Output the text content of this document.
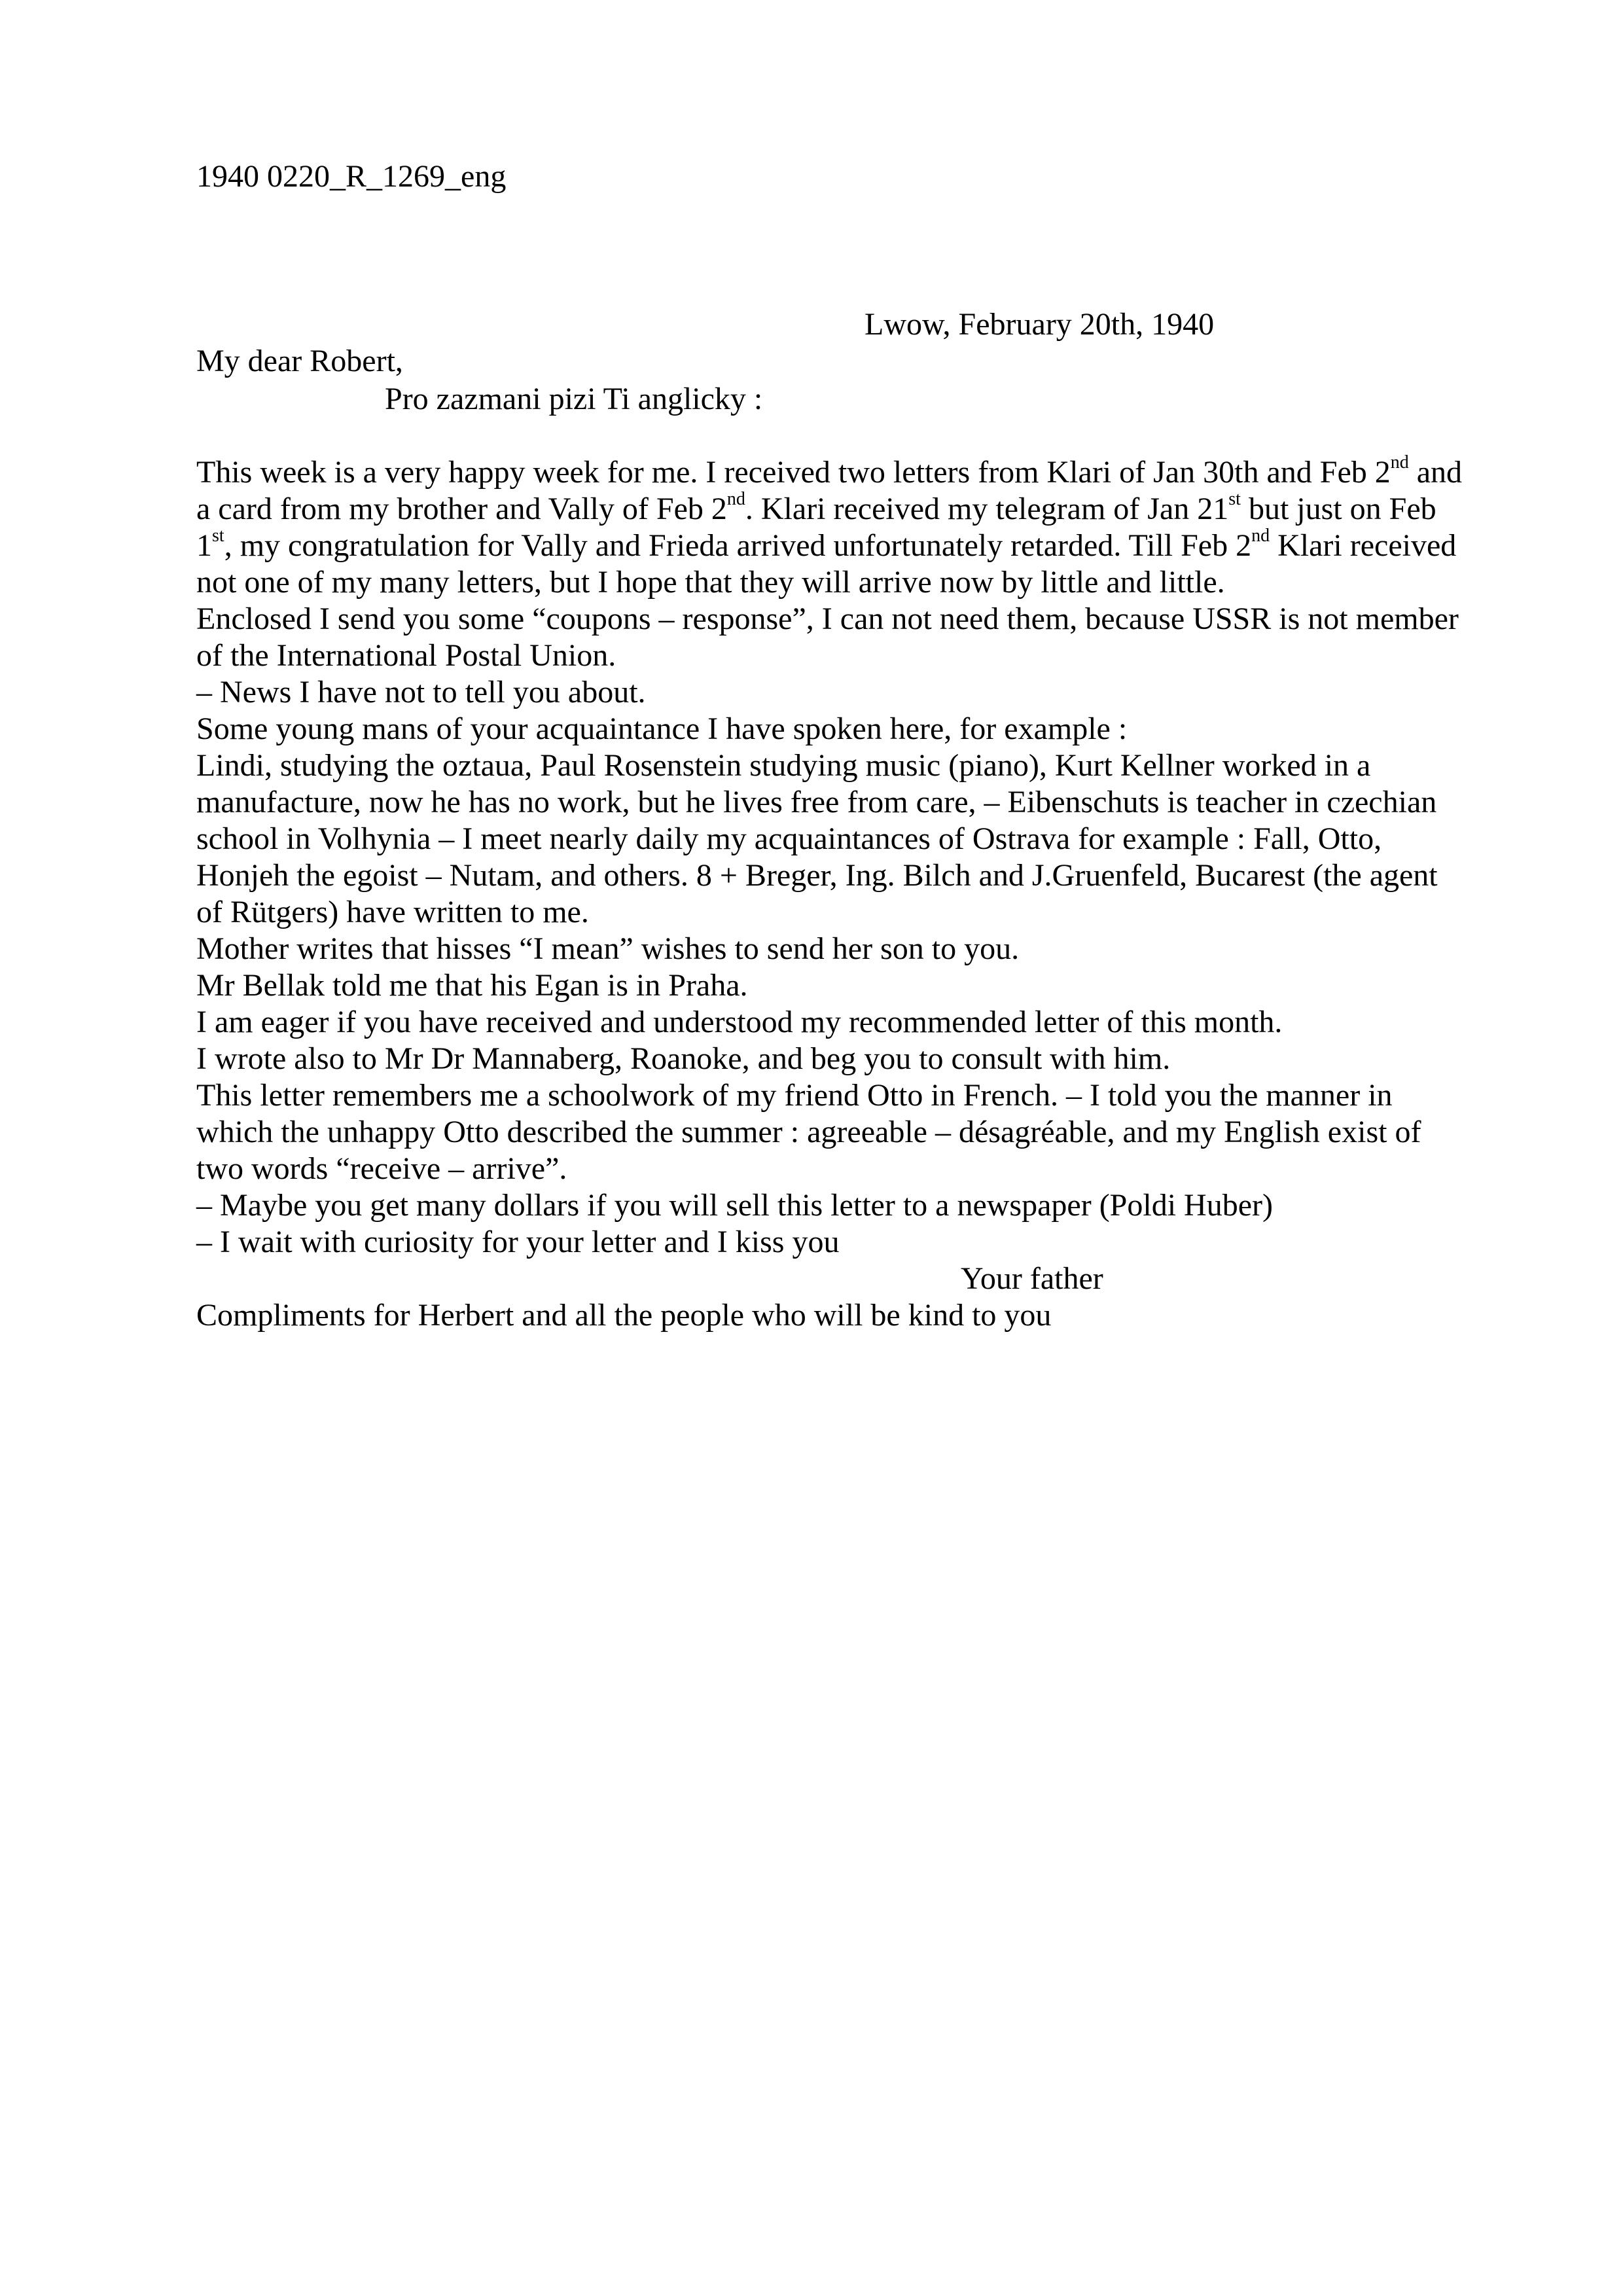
1940 0220_R_1269_eng

Lwow, February 20th, 1940

My dear Robert,

Pro zazmani pizi Ti anglicky :

This week is a very happy week for me. I received two letters from Klari of Jan 30th and Feb 2nd and

a card from my brother and Vally of Feb 2nd. Klari received my telegram of Jan 21st but just on Feb

1st, my congratulation for Vally and Frieda arrived unfortunately retarded. Till Feb 2nd Klari received

not one of my many letters, but I hope that they will arrive now by little and little.

Enclosed I send you some “coupons – response”, I can not need them, because USSR is not member

of the International Postal Union.

– News I have not to tell you about.

Some young mans of your acquaintance I have spoken here, for example :

Lindi, studying the oztaua, Paul Rosenstein studying music (piano), Kurt Kellner worked in a

manufacture, now he has no work, but he lives free from care, – Eibenschuts is teacher in czechian

school in Volhynia – I meet nearly daily my acquaintances of Ostrava for example : Fall, Otto,

Honjeh the egoist – Nutam, and others. 8 + Breger, Ing. Bilch and J.Gruenfeld, Bucarest (the agent

of Rütgers) have written to me.

Mother writes that hisses “I mean” wishes to send her son to you.

Mr Bellak told me that his Egan is in Praha.

I am eager if you have received and understood my recommended letter of this month.

I wrote also to Mr Dr Mannaberg, Roanoke, and beg you to consult with him.

This letter remembers me a schoolwork of my friend Otto in French. – I told you the manner in

which the unhappy Otto described the summer : agreeable – désagréable, and my English exist of

two words “receive – arrive”.

– Maybe you get many dollars if you will sell this letter to a newspaper (Poldi Huber)

– I wait with curiosity for your letter and I kiss you

Your father

Compliments for Herbert and all the people who will be kind to you
